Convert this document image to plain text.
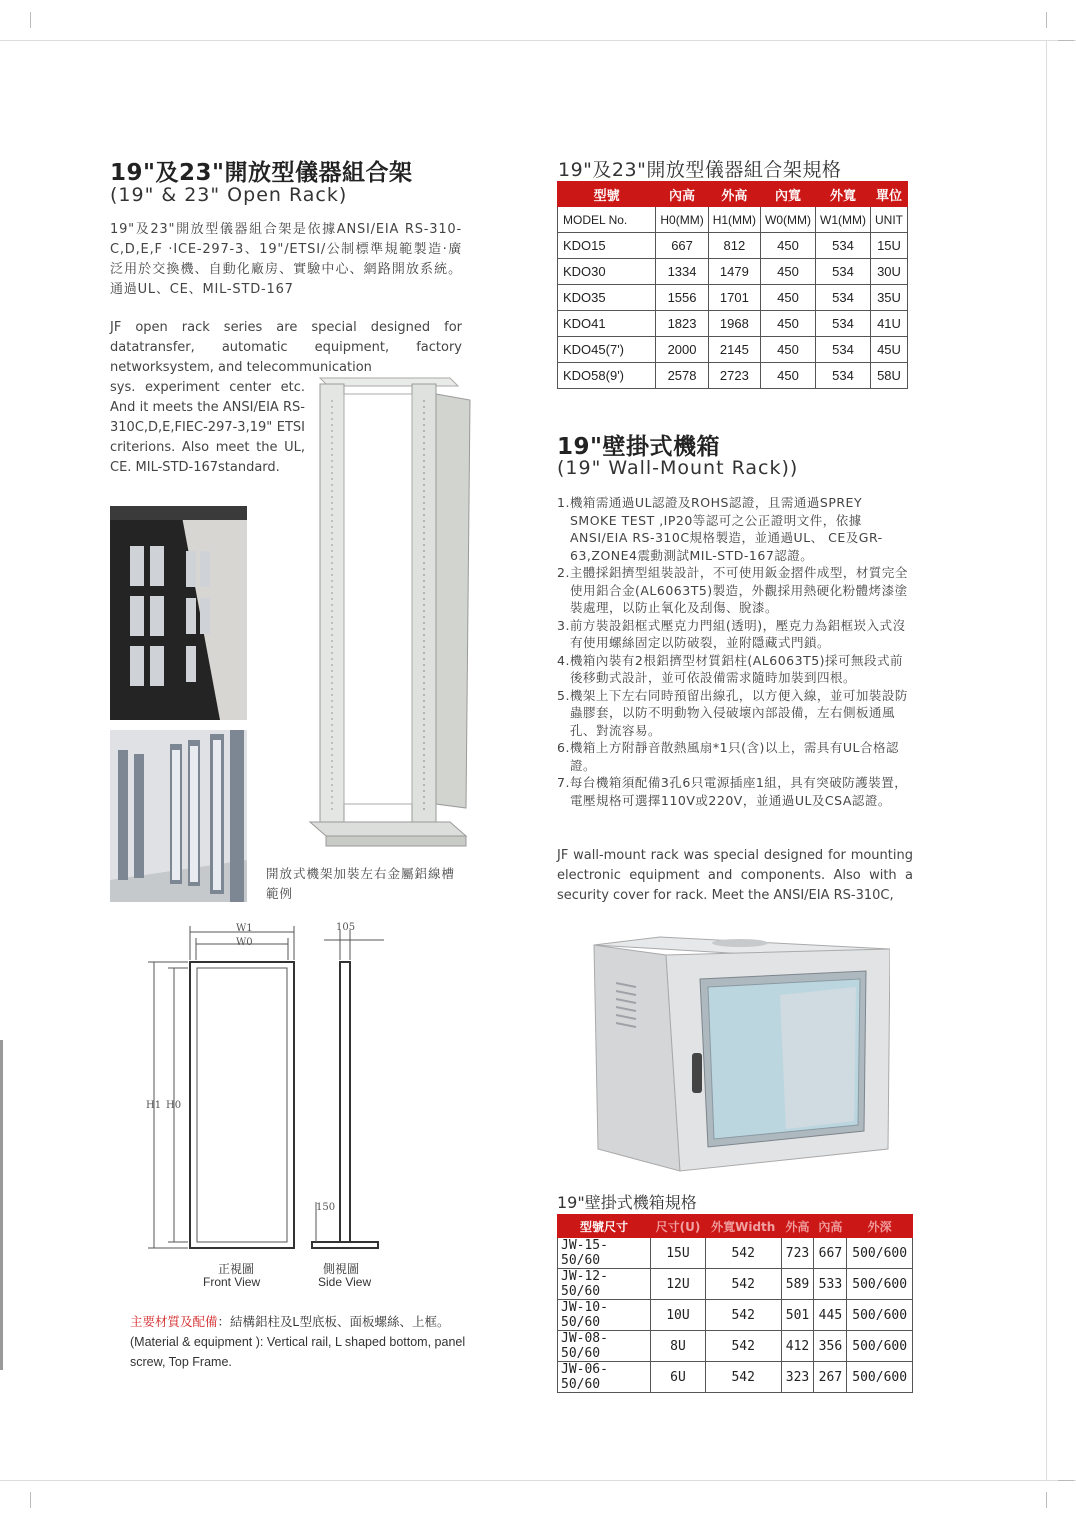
19"及23"開放型儀器組合架
(19" & 23" Open Rack)
19"及23"開放型儀器組合架是依據ANSI/EIA RS-310-C,D,E,F ‧ICE-297-3、19"/ETSI/公制標準規範製造‧廣泛用於交換機、自動化廠房、實驗中心、網路開放系統。通過UL、CE、MIL-STD-167
JF open rack series are special designed for datatransfer, automatic equipment, factory networksystem, and telecommunication
sys. experiment center etc. And it meets the ANSI/EIA RS-310C,D,E,FIEC-297-3,19" ETSI criterions. Also meet the UL, CE. MIL-STD-167standard.
開放式機架加裝左右金屬鋁線槽範例
W1
W0
105
150
H1 H0
正視圖
Front View
側視圖
Side View
主要材質及配備：結構鋁柱及L型底板、面板螺絲、上框。
(Material & equipment ): Vertical rail, L shaped bottom, panel screw, Top Frame.
19"及23"開放型儀器組合架規格
型號	內高	外高	內寬	外寬	單位
MODEL No.	H0(MM)	H1(MM)	W0(MM)	W1(MM)	UNIT
KDO15	667	812	450	534	15U
KDO30	1334	1479	450	534	30U
KDO35	1556	1701	450	534	35U
KDO41	1823	1968	450	534	41U
KDO45(7')	2000	2145	450	534	45U
KDO58(9')	2578	2723	450	534	58U
19"壁掛式機箱
(19" Wall-Mount Rack))
1.機箱需通過UL認證及ROHS認證，且需通過SPREY SMOKE TEST ,IP20等認可之公正證明文件，依據ANSI/EIA RS-310C規格製造，並通過UL、 CE及GR-63,ZONE4震動測試MIL-STD-167認證。
2.主體採鋁擠型組裝設計，不可使用鈑金摺件成型，材質完全使用鋁合金(AL6063T5)製造，外觀採用熱硬化粉體烤漆塗裝處理，以防止氧化及刮傷、脫漆。
3.前方裝設鋁框式壓克力門組(透明)，壓克力為鋁框崁入式沒有使用螺絲固定以防破裂，並附隱藏式門鎖。
4.機箱內裝有2根鋁擠型材質鋁柱(AL6063T5)採可無段式前後移動式設計，並可依設備需求隨時加裝到四根。
5.機架上下左右同時預留出線孔，以方便入線，並可加裝設防蟲膠套，以防不明動物入侵破壞內部設備，左右側板通風孔、對流容易。
6.機箱上方附靜音散熱風扇*1只(含)以上，需具有UL合格認證。
7.每台機箱須配備3孔6只電源插座1組，具有突破防護裝置，電壓規格可選擇110V或220V，並通過UL及CSA認證。
JF wall-mount rack was special designed for mounting electronic equipment and components. Also with a security cover for rack. Meet the ANSI/EIA RS-310C,
19"壁掛式機箱規格
型號尺寸	尺寸(U)	外寬Width	外高	內高	外深
JW-15-50/60	15U	542	723	667	500/600
JW-12-50/60	12U	542	589	533	500/600
JW-10-50/60	10U	542	501	445	500/600
JW-08-50/60	8U	542	412	356	500/600
JW-06-50/60	6U	542	323	267	500/600
